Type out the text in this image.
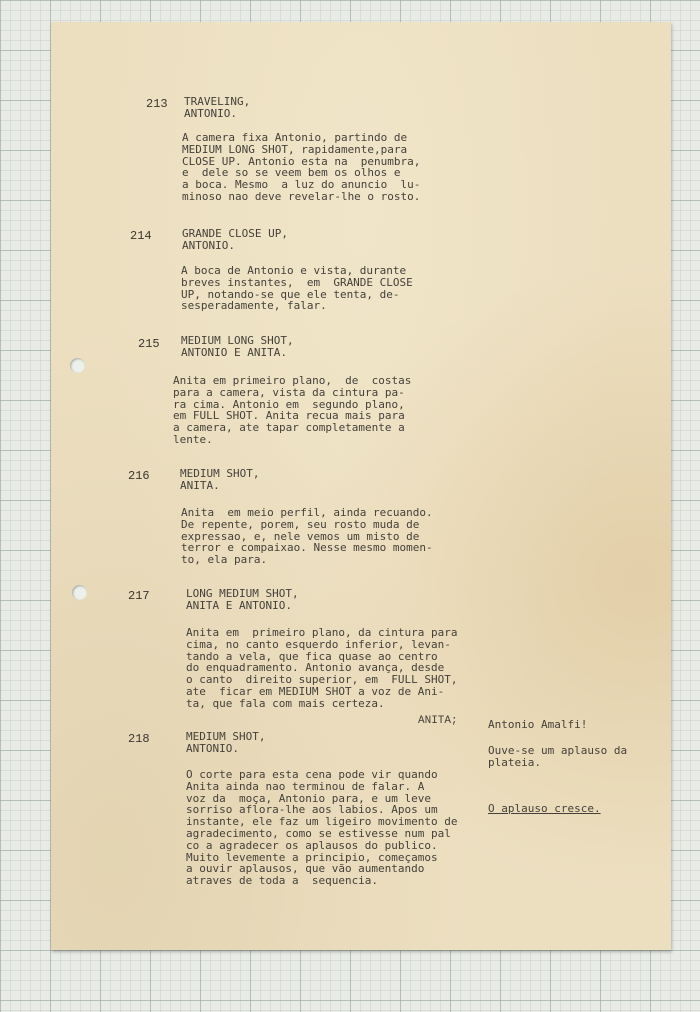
213 TRAVELING,
ANTONIO.
A camera fixa Antonio, partindo de
MEDIUM LONG SHOT, rapidamente,para
CLOSE UP. Antonio esta na  penumbra,
e  dele so se veem bem os olhos e
a boca. Mesmo  a luz do anuncio  lu-
minoso nao deve revelar-lhe o rosto.
214	GRANDE CLOSE UP,
ANTONIO.
A boca de Antonio e vista, durante
breves instantes,  em  GRANDE CLOSE
UP, notando-se que ele tenta, de-
sesperadamente, falar.
215 MEDIUM LONG SHOT,
ANTONIO E ANITA.
Anita em primeiro plano,  de  costas
para a camera, vista da cintura pa-
ra cima. Antonio em  segundo plano,
em FULL SHOT. Anita recua mais para
a camera, ate tapar completamente a
lente.
216	MEDIUM SHOT,
ANITA.
Anita  em meio perfil, ainda recuando.
De repente, porem, seu rosto muda de
expressao, e, nele vemos um misto de
terror e compaixao. Nesse mesmo momen-
to, ela para.
217	LONG MEDIUM SHOT,
ANITA E ANTONIO.
Anita em  primeiro plano, da cintura para
cima, no canto esquerdo inferior, levan-
tando a vela, que fica quase ao centro
do enquadramento. Antonio avança, desde
o canto  direito superior, em  FULL SHOT,
ate  ficar em MEDIUM SHOT a voz de Ani-
ta, que fala com mais certeza.
ANITA;	Antonio Amalfi!
Ouve-se um aplauso da
plateia.
O aplauso cresce.
218	MEDIUM SHOT,
ANTONIO.
O corte para esta cena pode vir quando
Anita ainda nao terminou de falar. A
voz da  moça, Antonio para, e um leve
sorriso aflora-lhe aos labios. Apos um
instante, ele faz um ligeiro movimento de
agradecimento, como se estivesse num pal
co a agradecer os aplausos do publico.
Muito levemente a principio, começamos
a ouvir aplausos, que vão aumentando
atraves de toda a  sequencia.
